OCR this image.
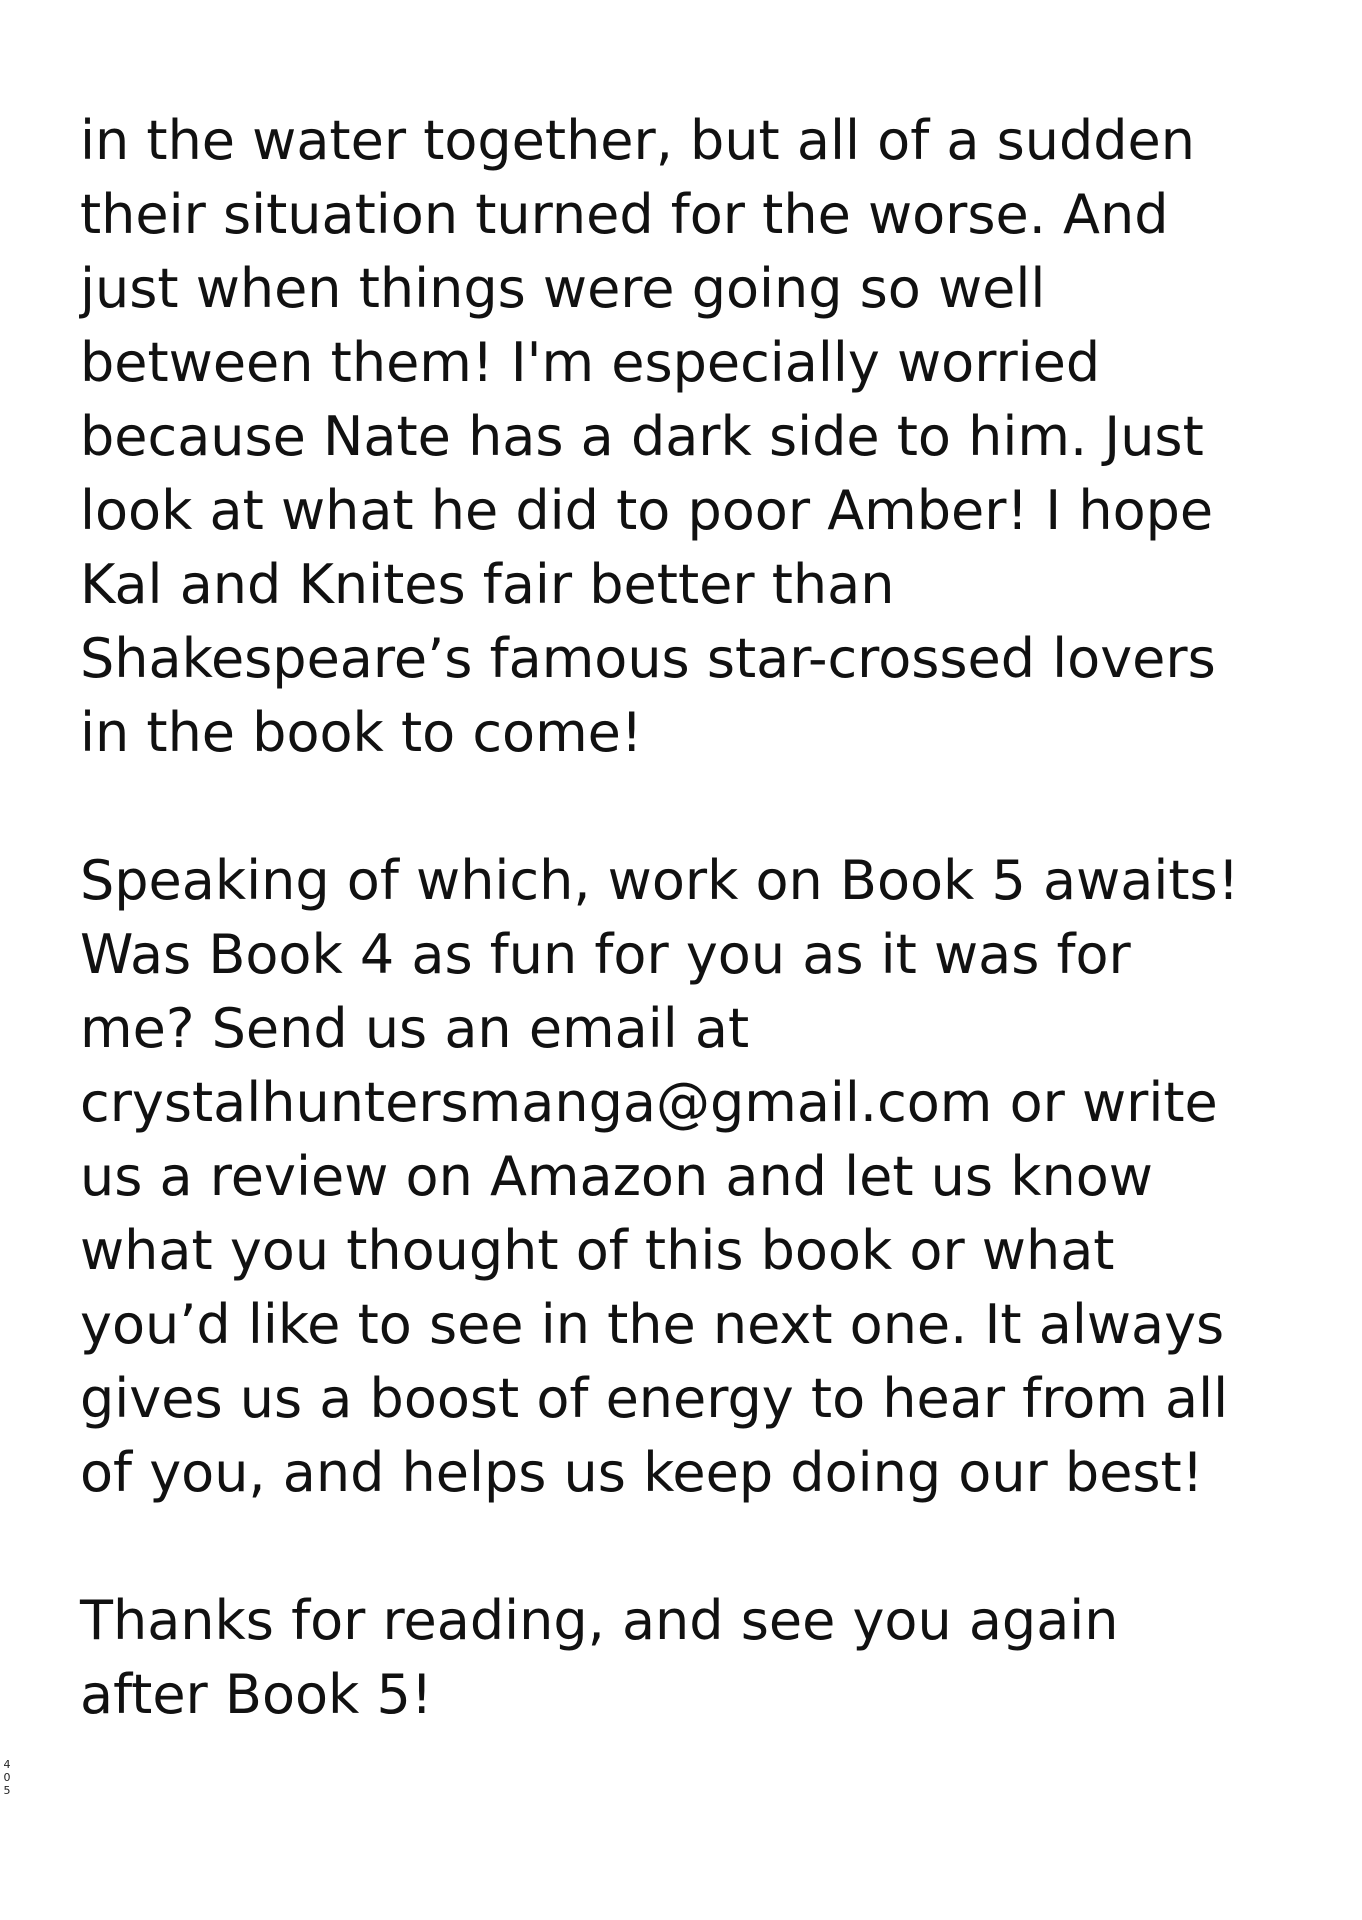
in the water together, but all of a sudden
their situation turned for the worse. And
just when things were going so well
between them! I'm especially worried
because Nate has a dark side to him. Just
look at what he did to poor Amber! I hope
Kal and Knites fair better than
Shakespeare’s famous star-crossed lovers
in the book to come!

Speaking of which, work on Book 5 awaits!
Was Book 4 as fun for you as it was for
me? Send us an email at
crystalhuntersmanga@gmail.com or write
us a review on Amazon and let us know
what you thought of this book or what
you’d like to see in the next one. It always
gives us a boost of energy to hear from all
of you, and helps us keep doing our best!

Thanks for reading, and see you again
after Book 5!

4
0
5
